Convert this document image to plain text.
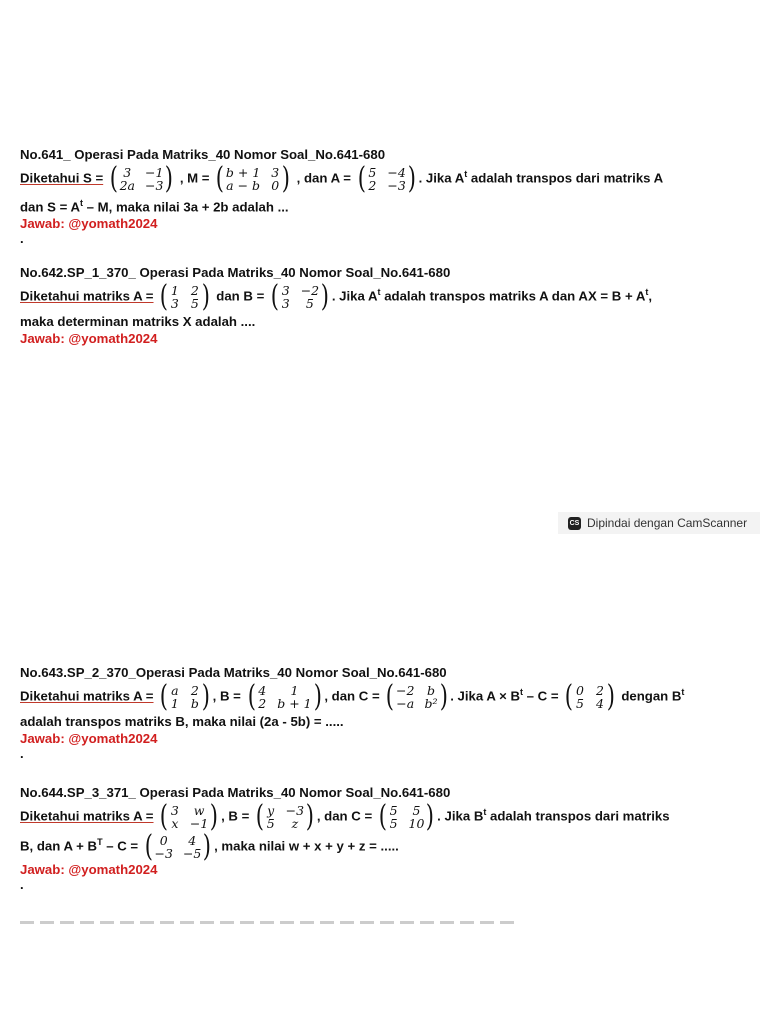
No.641_ Operasi Pada Matriks_40 Nomor Soal_No.641-680
Diketahui S = ( 3 −1
2a −3 ) , M = ( b + 1 3
a − b 0 ) , dan A = ( 5 −4
2 −3 ) . Jika $A^t$ adalah transpos dari matriks A
dan $S = A^t - M$, maka nilai 3a + 2b adalah ...
Jawab: @yomath2024
.
No.642.SP_1_370_ Operasi Pada Matriks_40 Nomor Soal_No.641-680
Diketahui matriks A = ( 1 2
3 5 ) dan B = ( 3 −2
3	5 ) . Jika $A^t$ adalah transpos matriks A dan AX = $B + A^t$,
maka determinan matriks X adalah ....
Jawab: @yomath2024
CS Dipindai dengan CamScanner
No.643.SP_2_370_Operasi Pada Matriks_40 Nomor Soal_No.641-680
Diketahui matriks A = ( a 2
1 b ) , B = ( 4	1
2 b + 1 ) , dan C = ( −2 b
−a b² ) . Jika $A \times B^t - C$ = ( 0 2
5 4 ) dengan $B^t$
adalah transpos matriks B, maka nilai (2a - 5b) = .....
Jawab: @yomath2024
.
No.644.SP_3_371_ Operasi Pada Matriks_40 Nomor Soal_No.641-680
Diketahui matriks A = ( 3	w
x −1 ) , B = ( y −3
5	z ) , dan C = ( 5	5
5 10 ) . Jika $B^t$ adalah transpos dari matriks
B, dan $A + B^T - C$ = ( 0	4
−3 −5 ) , maka nilai w + x + y + z = .....
Jawab: @yomath2024
.
